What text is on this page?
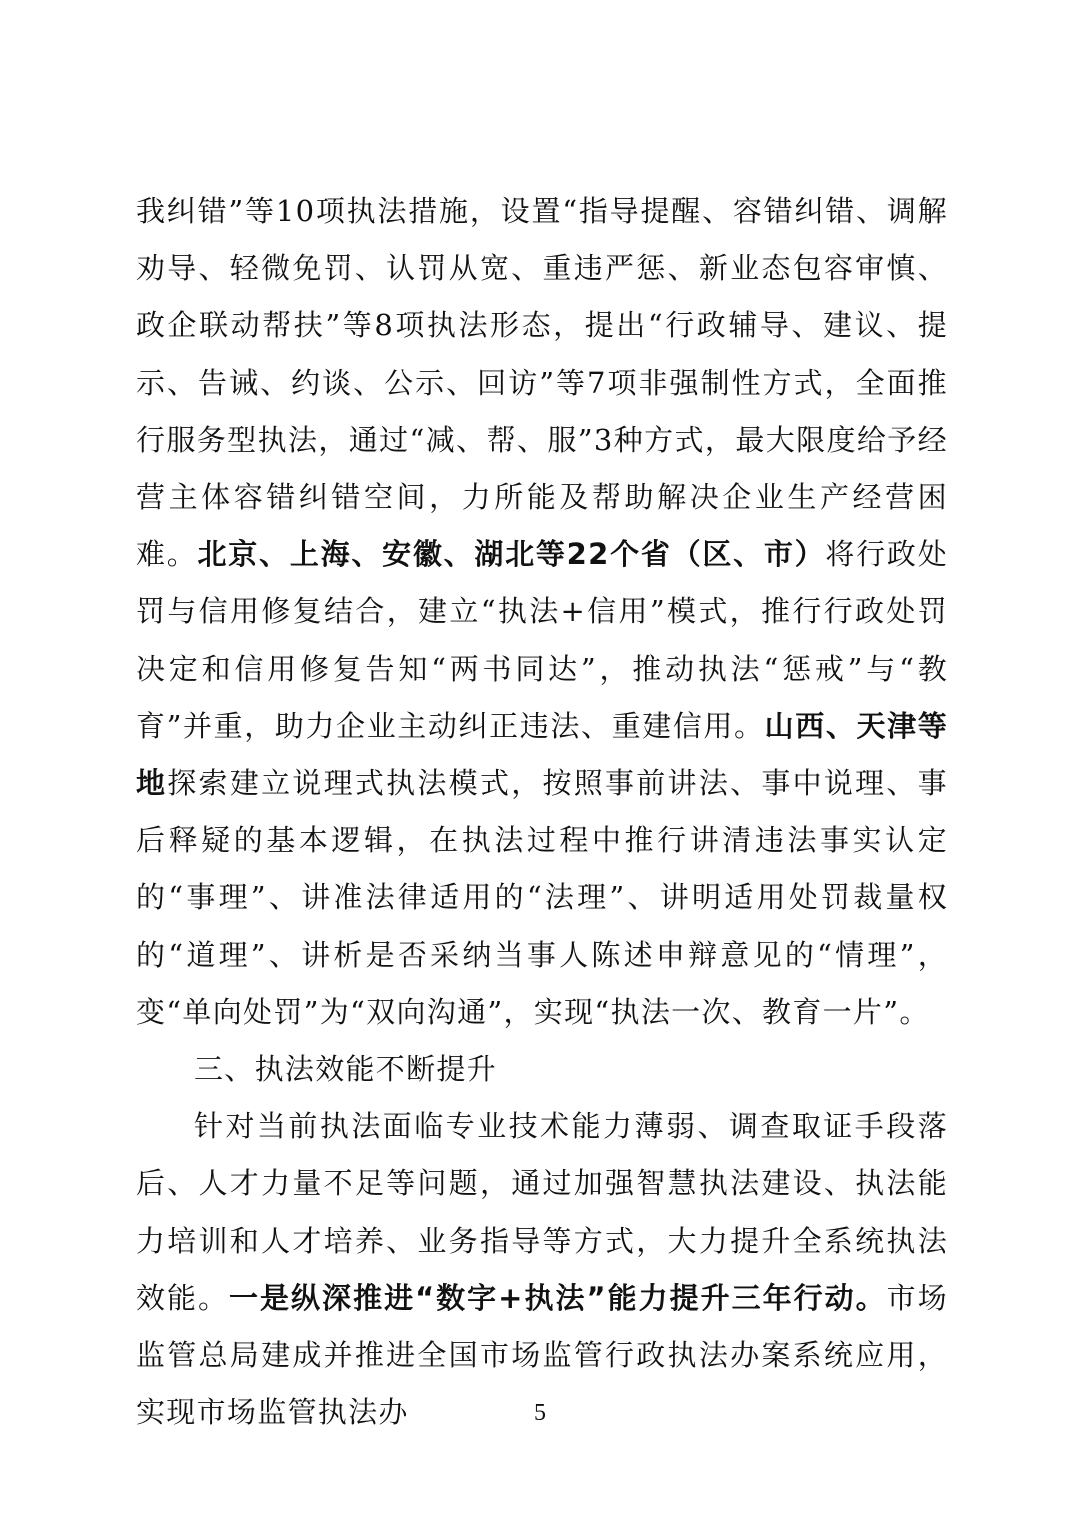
我纠错”等10项执法措施，设置“指导提醒、容错纠错、调解劝导、轻微免罚、认罚从宽、重违严惩、新业态包容审慎、政企联动帮扶”等8项执法形态，提出“行政辅导、建议、提示、告诫、约谈、公示、回访”等7项非强制性方式，全面推行服务型执法，通过“减、帮、服”3种方式，最大限度给予经营主体容错纠错空间，力所能及帮助解决企业生产经营困难。北京、上海、安徽、湖北等22个省（区、市）将行政处罚与信用修复结合，建立“执法+信用”模式，推行行政处罚决定和信用修复告知“两书同达”，推动执法“惩戒”与“教育”并重，助力企业主动纠正违法、重建信用。山西、天津等地探索建立说理式执法模式，按照事前讲法、事中说理、事后释疑的基本逻辑，在执法过程中推行讲清违法事实认定的“事理”、讲准法律适用的“法理”、讲明适用处罚裁量权的“道理”、讲析是否采纳当事人陈述申辩意见的“情理”，变“单向处罚”为“双向沟通”，实现“执法一次、教育一片”。

三、执法效能不断提升

针对当前执法面临专业技术能力薄弱、调查取证手段落后、人才力量不足等问题，通过加强智慧执法建设、执法能力培训和人才培养、业务指导等方式，大力提升全系统执法效能。一是纵深推进“数字+执法”能力提升三年行动。市场监管总局建成并推进全国市场监管行政执法办案系统应用，实现市场监管执法办	5
